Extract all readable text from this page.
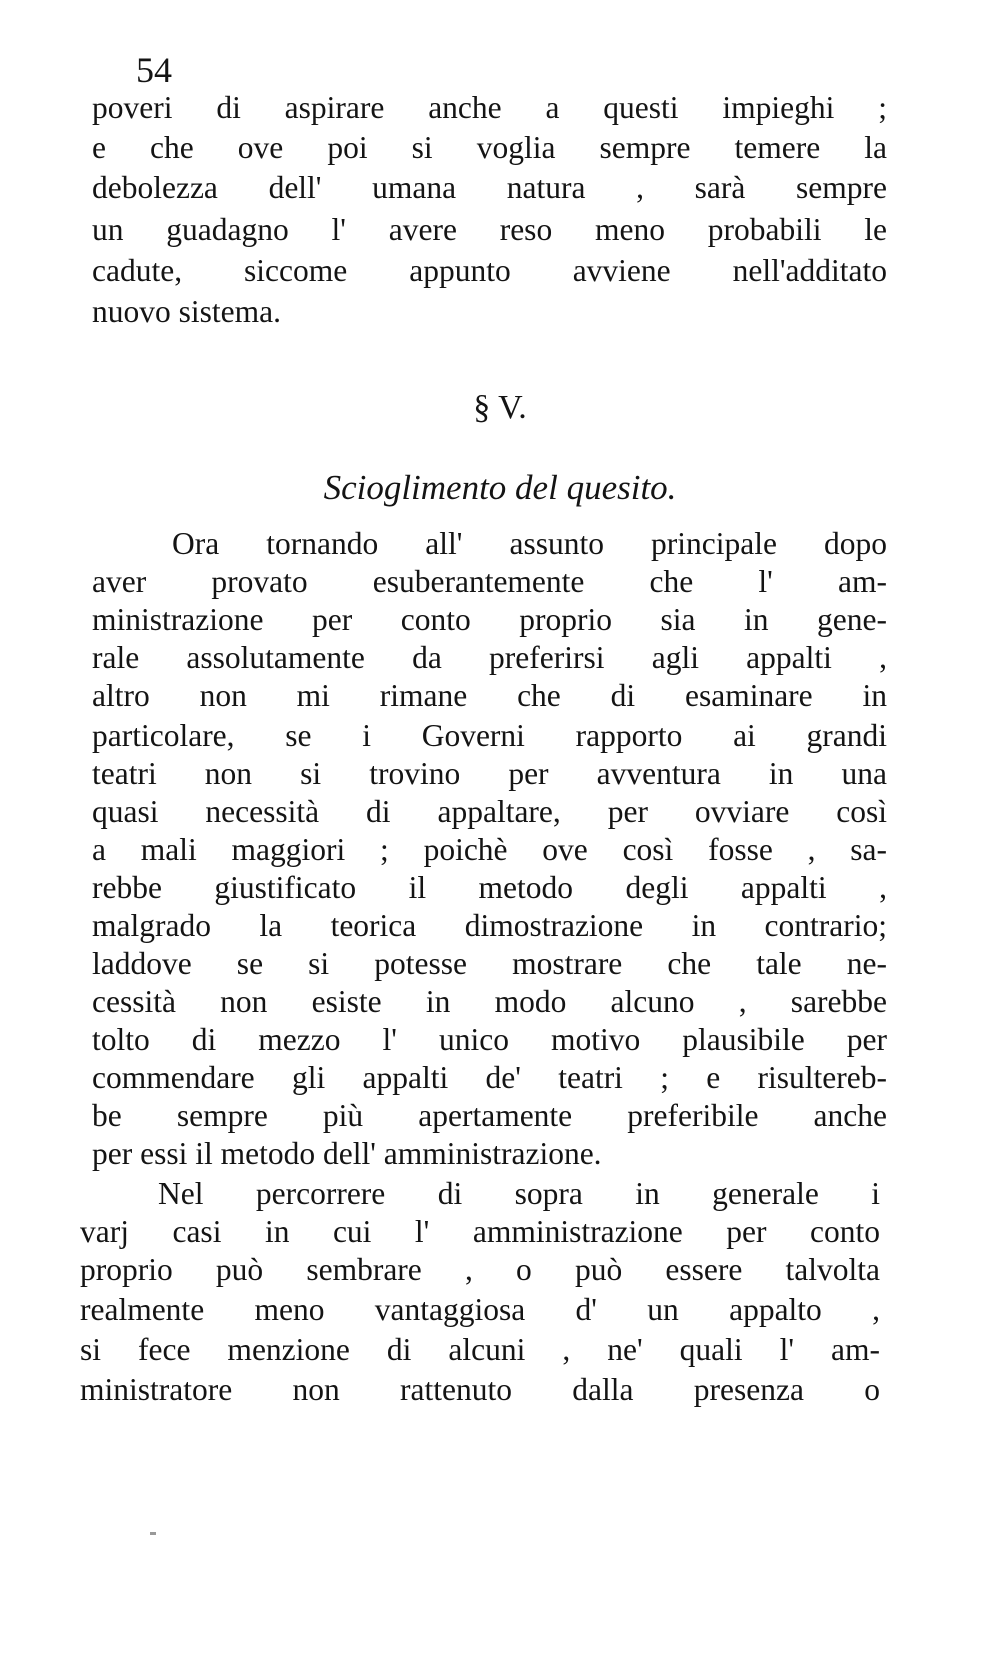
54
poveri di aspirare anche a questi impieghi ;
e che ove poi si voglia sempre temere la
debolezza dell' umana natura , sarà sempre
un guadagno l' avere reso meno probabili le
cadute, siccome appunto avviene nell'additato
nuovo sistema.
§ V.
Scioglimento del quesito.
Ora tornando all' assunto principale dopo
aver provato esuberantemente che l' am-
ministrazione per conto proprio sia in gene-
rale assolutamente da preferirsi agli appalti ,
altro non mi rimane che di esaminare in
particolare, se i Governi rapporto ai grandi
teatri non si trovino per avventura in una
quasi necessità di appaltare, per ovviare così
a mali maggiori ; poichè ove così fosse , sa-
rebbe giustificato il metodo degli appalti ,
malgrado la teorica dimostrazione in contrario;
laddove se si potesse mostrare che tale ne-
cessità non esiste in modo alcuno , sarebbe
tolto di mezzo l' unico motivo plausibile per
commendare gli appalti de' teatri ; e risultereb-
be sempre più apertamente preferibile anche
per essi il metodo dell' amministrazione.
Nel percorrere di sopra in generale i
varj casi in cui l' amministrazione per conto
proprio può sembrare , o può essere talvolta
realmente meno vantaggiosa d' un appalto ,
si fece menzione di alcuni , ne' quali l' am-
ministratore non rattenuto dalla presenza o
